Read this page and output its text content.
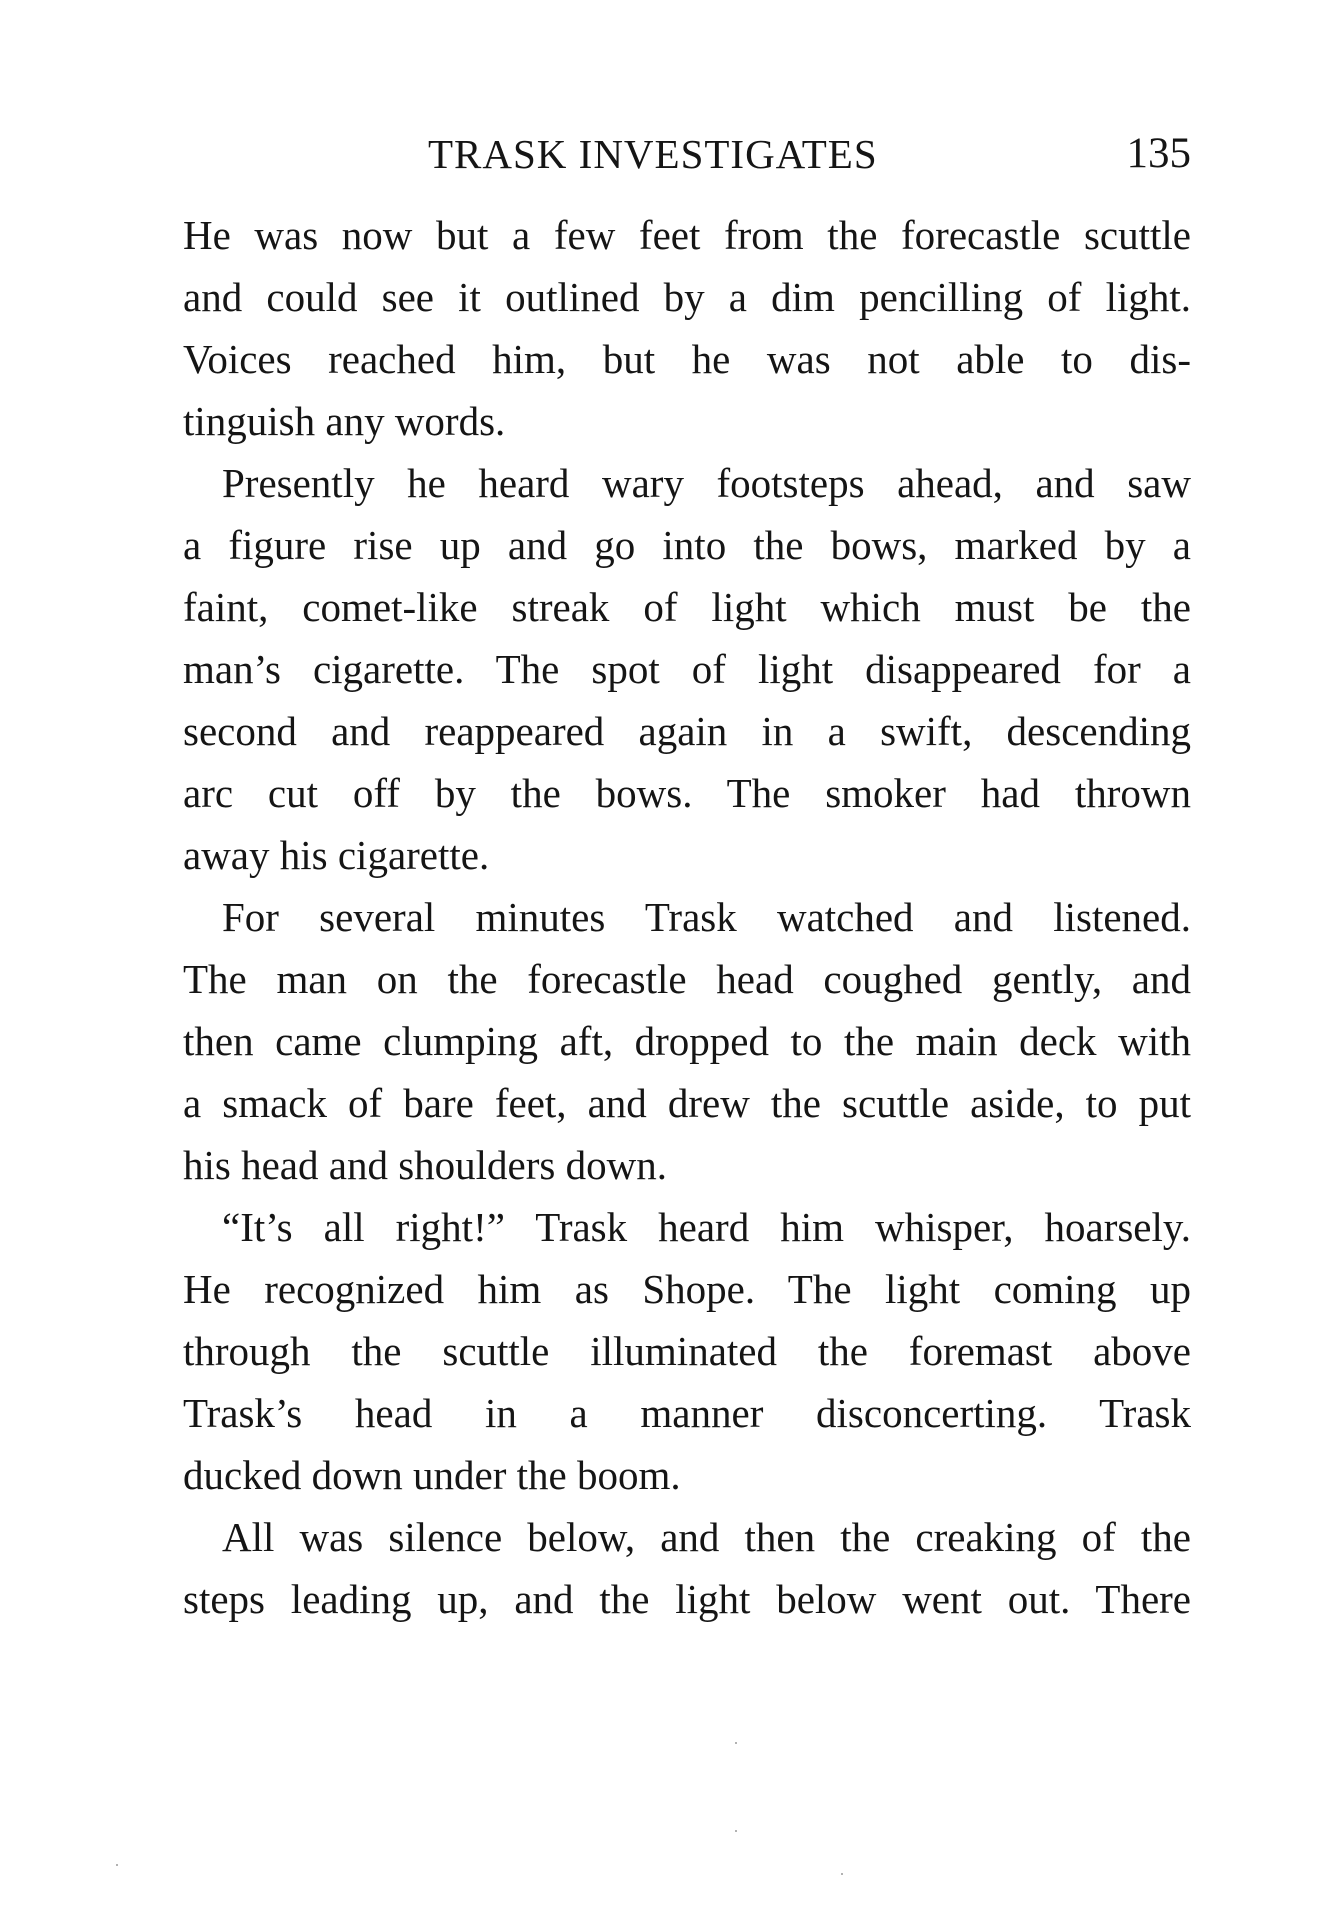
TRASK INVESTIGATES	135

He was now but a few feet from the forecastle scuttle
and could see it outlined by a dim pencilling of light.
Voices reached him, but he was not able to dis-
tinguish any words.

Presently he heard wary footsteps ahead, and saw
a figure rise up and go into the bows, marked by a
faint, comet-like streak of light which must be the
man’s cigarette. The spot of light disappeared for a
second and reappeared again in a swift, descending
arc cut off by the bows. The smoker had thrown
away his cigarette.

For several minutes Trask watched and listened.
The man on the forecastle head coughed gently, and
then came clumping aft, dropped to the main deck with
a smack of bare feet, and drew the scuttle aside, to put
his head and shoulders down.

“It’s all right!” Trask heard him whisper, hoarsely.
He recognized him as Shope. The light coming up
through the scuttle illuminated the foremast above
Trask’s head in a manner disconcerting. Trask
ducked down under the boom.

All was silence below, and then the creaking of the
steps leading up, and the light below went out. There
